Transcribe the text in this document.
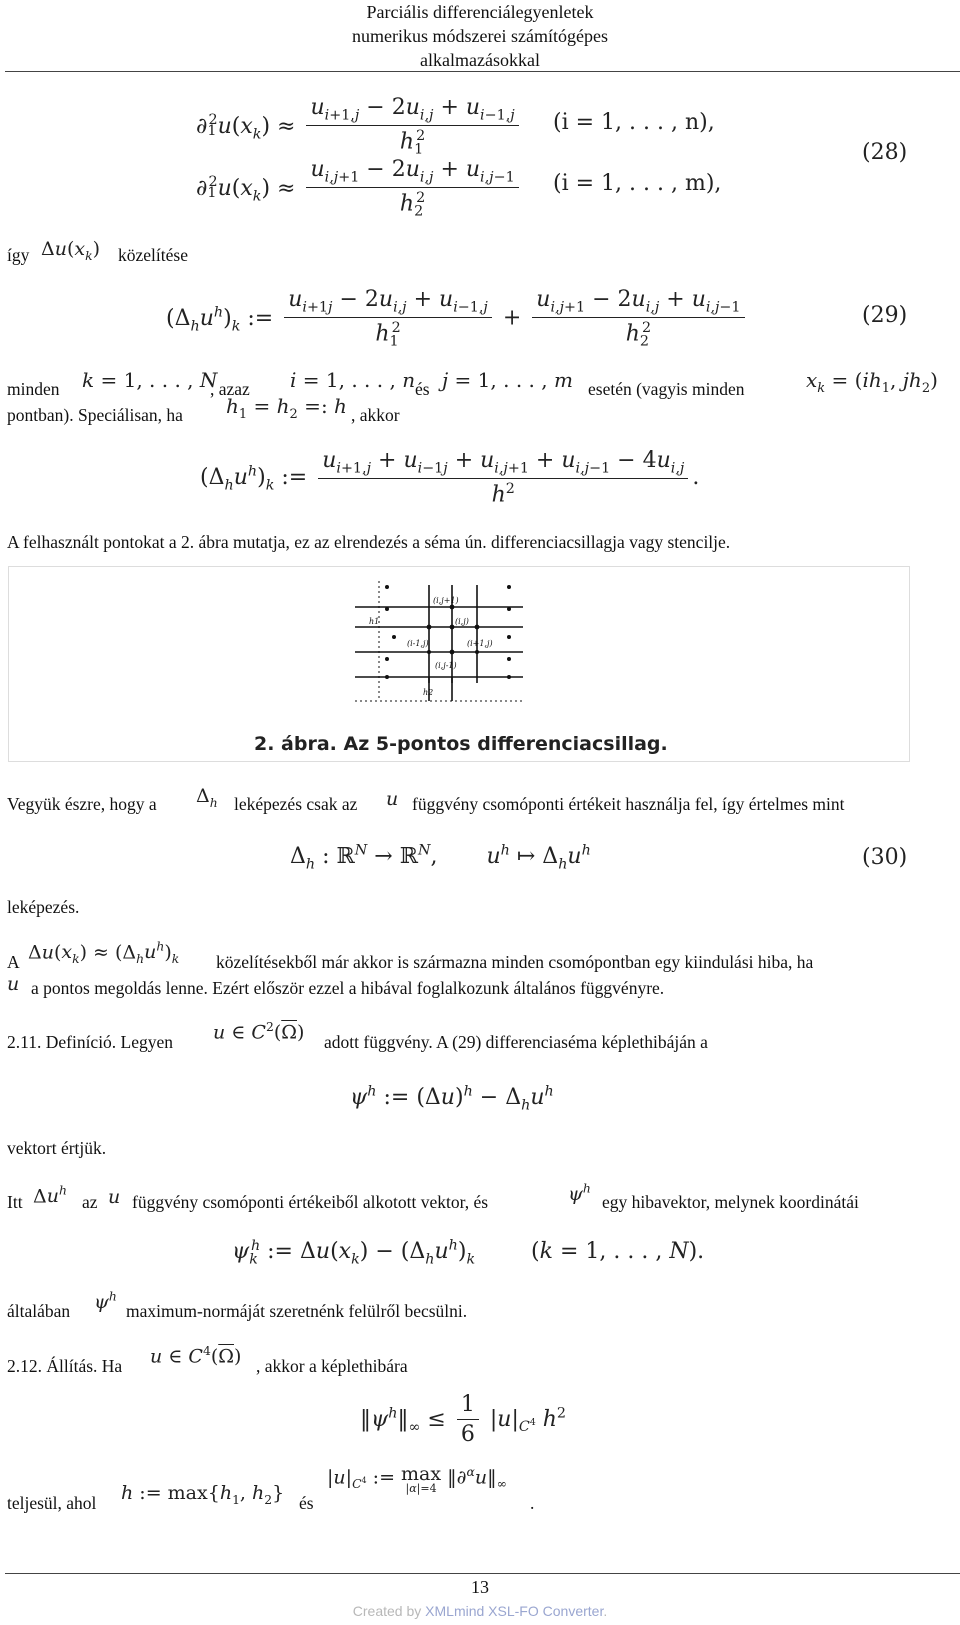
Parciális differenciálegyenletek
numerikus módszerei számítógépes
alkalmazásokkal
$\partial_1^2u(x_k) \approx \frac{u_{i+1,j} - 2u_{i,j} + u_{i-1,j}}{h_1^2} (i = 1$, . . . , n),
$\partial_1^2u(x_k) \approx \frac{u_{i,j+1} - 2u_{i,j} + u_{i,j-1}}{h_2^2} (i = 1$, . . . , m),
(28)
így $\Delta u(x_k)$ közelítése
$(\Delta_hu^h)_k$ := $\frac{u_{i+1j} - 2u_{i,j} + u_{i-1,j}}{h_1^2} + \frac{u_{i,j+1} - 2u_{i,j} + u_{i,j-1}}{h_2^2}$	(29)
minden k = 1, . . . , N
, azaz i = 1, . . . , n és j = 1, . . . , m esetén (vagyis minden	$x_k = (ih_1$, $jh_2$)
pontban). Speciálisan, ha $h_1 = h_2$ =: h , akkor
$(\Delta_hu^h)_k$ := $\frac{u_{i+1,j} + u_{i-1j} + u_{i,j+1} + u_{i,j-1} - 4u_{i,j}}{h^2}$ .
A felhasznált pontokat a 2. ábra mutatja, ez az elrendezés a séma ún. differenciacsillagja vagy stencilje.
(i,j+1)
(i,j)
(i-1,j)	(i+1,j)
(i,j-1)
h1
h2
2. ábra. Az 5-pontos differenciacsillag.
Vegyük észre, hogy a $\Delta_h$ leképezés csak az u függvény csomóponti értékeit használja fel, így értelmes mint
$\Delta_h$ : ℝ$^N$ → ℝ$^N$,       $u^h$ ↦ $\Delta_hu^h$	(30)
leképezés.
A $\Delta u(x_k) \approx (\Delta_hu^h)_k$ közelítésekből már akkor is származna minden csomópontban egy kiindulási hiba, ha
u a pontos megoldás lenne. Ezért először ezzel a hibával foglalkozunk általános függvényre.
2.11. Definíció. Legyen u ∈ $C^2(\overline{\Omega})$ adott függvény. A (29) differenciaséma képlethibáján a
$\psi^h$ := $(\Delta u)^h - \Delta_hu^h$
vektort értjük.
Itt $\Delta u^h$
az u függvény csomóponti értékeiből alkotott vektor, és	$\psi^h$
egy hibavektor, melynek koordinátái
$\psi_k^h$ := $\Delta u(x_k) - (\Delta_hu^h)_k$        (k = 1, . . . , N).
általában $\psi^h$
maximum-normáját szeretnénk felülről becsülni.
2.12. Állítás. Ha u ∈ $C^4(\overline{\Omega})$ , akkor a képlethibára
$‖\psi^h‖_\infty \le \frac{1}{6} |u|_{C^4}$ $h^2$
teljesül, ahol h := $\max\{h_1$, $h_2$} és
$|u|_{C^4}$ := max
|α|=4
$‖\partial^\alpha u‖_\infty$
.
13
Created by XMLmind XSL-FO Converter.
